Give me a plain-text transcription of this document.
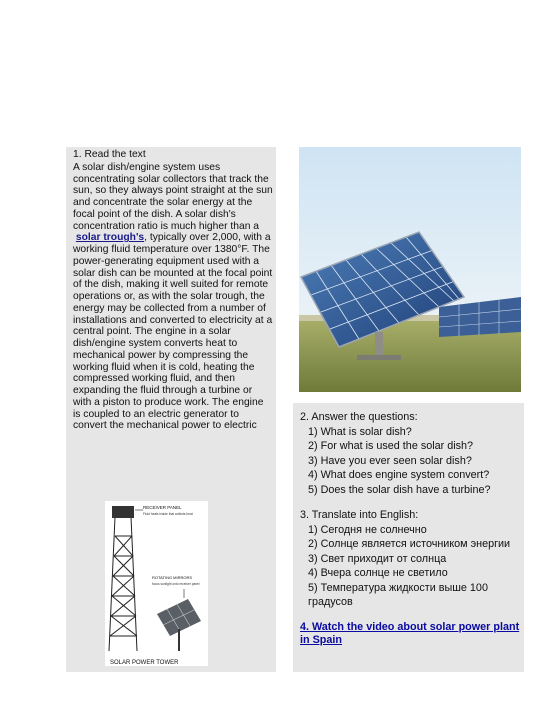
1. Read the text

A solar dish/engine system uses concentrating solar collectors that track the sun, so they always point straight at the sun and concentrate the solar energy at the focal point of the dish. A solar dish's concentration ratio is much higher than a
solar trough's, typically over 2,000, with a working fluid temperature over 1380°F. The power-generating equipment used with a solar dish can be mounted at the focal point of the dish, making it well suited for remote operations or, as with the solar trough, the energy may be collected from a number of installations and converted to electricity at a central point. The engine in a solar dish/engine system converts heat to mechanical power by compressing the working fluid when it is cold, heating the compressed working fluid, and then expanding the fluid through a turbine or with a piston to produce work. The engine is coupled to an electric generator to convert the mechanical power to electric

RECEIVER PANEL
Fluid heats inside that collects heat
ROTATING MIRRORS
focus sunlight onto receiver panel
SOLAR POWER TOWER

2. Answer the questions:

1) What is solar dish?

2) For what is used the solar dish?

3) Have you ever seen solar dish?

4) What does engine system convert?

5) Does the solar dish have a turbine?

3. Translate into English:

1) Сегодня не солнечно

2) Солнце является источником энергии

3) Свет приходит от солнца

4) Вчера солнце не светило

5) Температура жидкости выше 100 градусов

4. Watch the video about solar power plant in Spain
